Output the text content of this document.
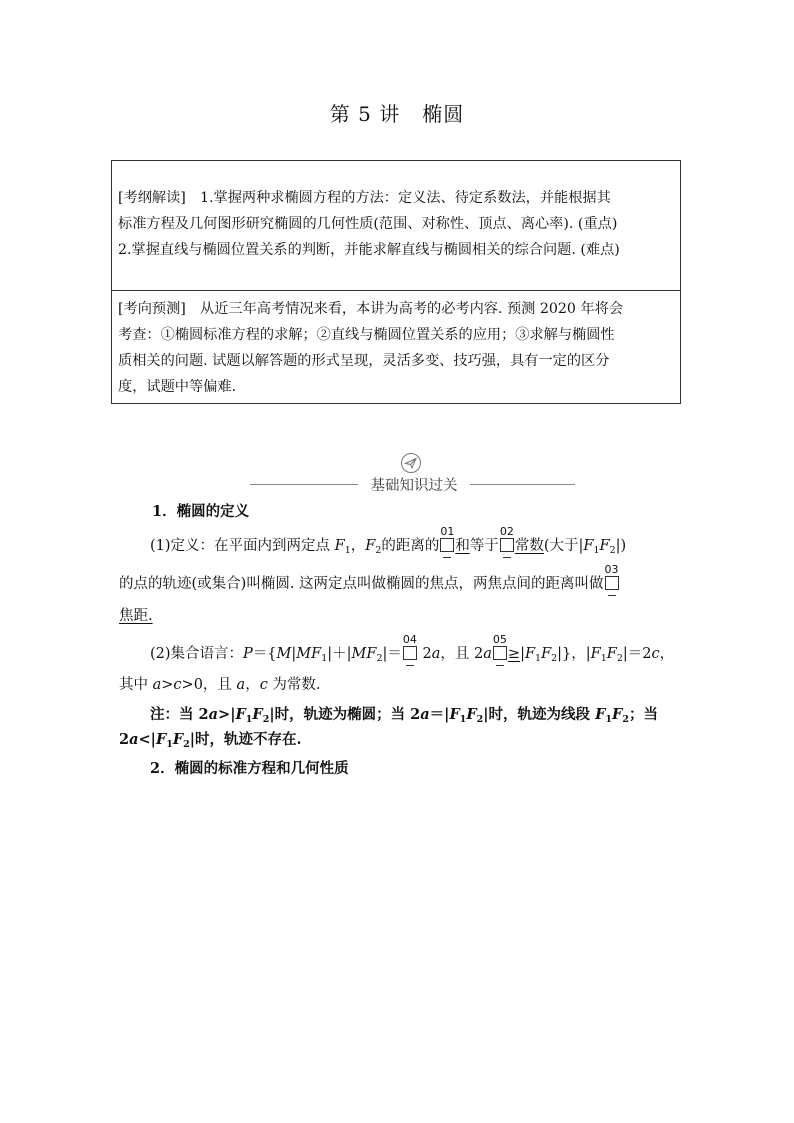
第 5 讲 椭圆
[考纲解读]　1.掌握两种求椭圆方程的方法：定义法、待定系数法，并能根据其
标准方程及几何图形研究椭圆的几何性质(范围、对称性、顶点、离心率). (重点)
2.掌握直线与椭圆位置关系的判断，并能求解直线与椭圆相关的综合问题. (难点)
[考向预测]　从近三年高考情况来看，本讲为高考的必考内容. 预测 2020 年将会
考查：①椭圆标准方程的求解；②直线与椭圆位置关系的应用；③求解与椭圆性
质相关的问题. 试题以解答题的形式呈现，灵活多变、技巧强，具有一定的区分
度，试题中等偏难.
基础知识过关
1．椭圆的定义
(1)定义：在平面内到两定点 $F_1$，$F_2$的距离的
01
和等于
02
常数(大于$|F_1F_2|$)
的点的轨迹(或集合)叫椭圆. 这两定点叫做椭圆的焦点，两焦点间的距离叫做
03
焦距.
(2)集合语言：$P=\{M|MF_1|+|MF_2|=$
04
2a，且 2a
05
$\ge|F_1F_2|$}，$|F_1F_2|=2c$，
其中 a>c>0，且 a，c 为常数.
注：当 $2a>|F_1F_2|$时，轨迹为椭圆；当 $2a=|F_1F_2|$时，轨迹为线段 $F_1F_2$；当
$2a<|F_1F_2|$时，轨迹不存在.
2．椭圆的标准方程和几何性质
